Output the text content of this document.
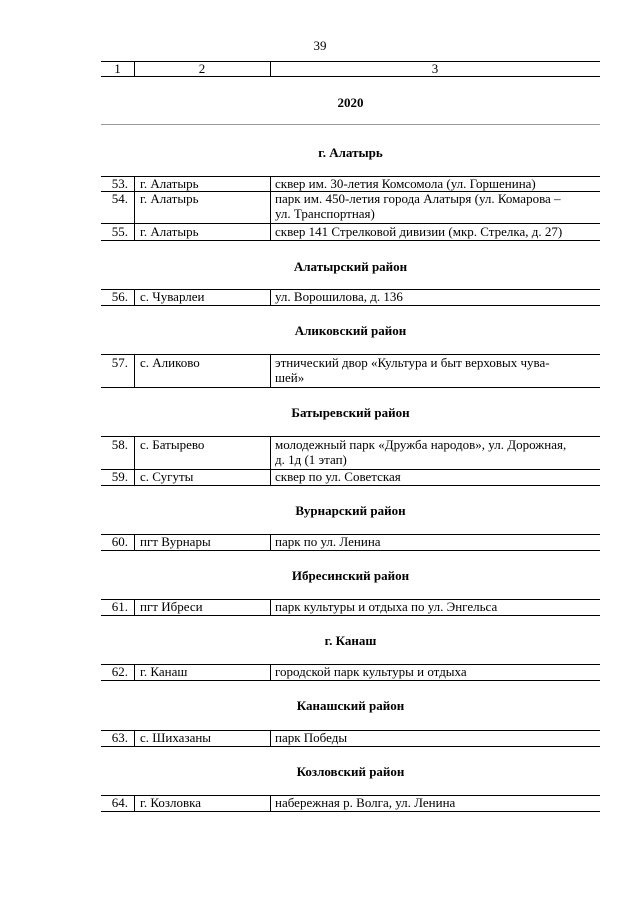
39
1	2	3
2020
г. Алатырь
53. г. Алатырь	сквер им. 30-летия Комсомола (ул. Горшенина)
54. г. Алатырь	парк им. 450-летия города Алатыря (ул. Комарова –
ул. Транспортная)
55. г. Алатырь	сквер 141 Стрелковой дивизии (мкр. Стрелка, д. 27)
Алатырский район
56. с. Чуварлеи	ул. Ворошилова, д. 136
Аликовский район
57. с. Аликово	этнический двор «Культура и быт верховых чува-
шей»
Батыревский район
58. с. Батырево	молодежный парк «Дружба народов», ул. Дорожная,
д. 1д (1 этап)
59. с. Сугуты	сквер по ул. Советская
Вурнарский район
60. пгт Вурнары	парк по ул. Ленина
Ибресинский район
61. пгт Ибреси	парк культуры и отдыха по ул. Энгельса
г. Канаш
62. г. Канаш	городской парк культуры и отдыха
Канашский район
63. с. Шихазаны	парк Победы
Козловский район
64. г. Козловка	набережная р. Волга, ул. Ленина
